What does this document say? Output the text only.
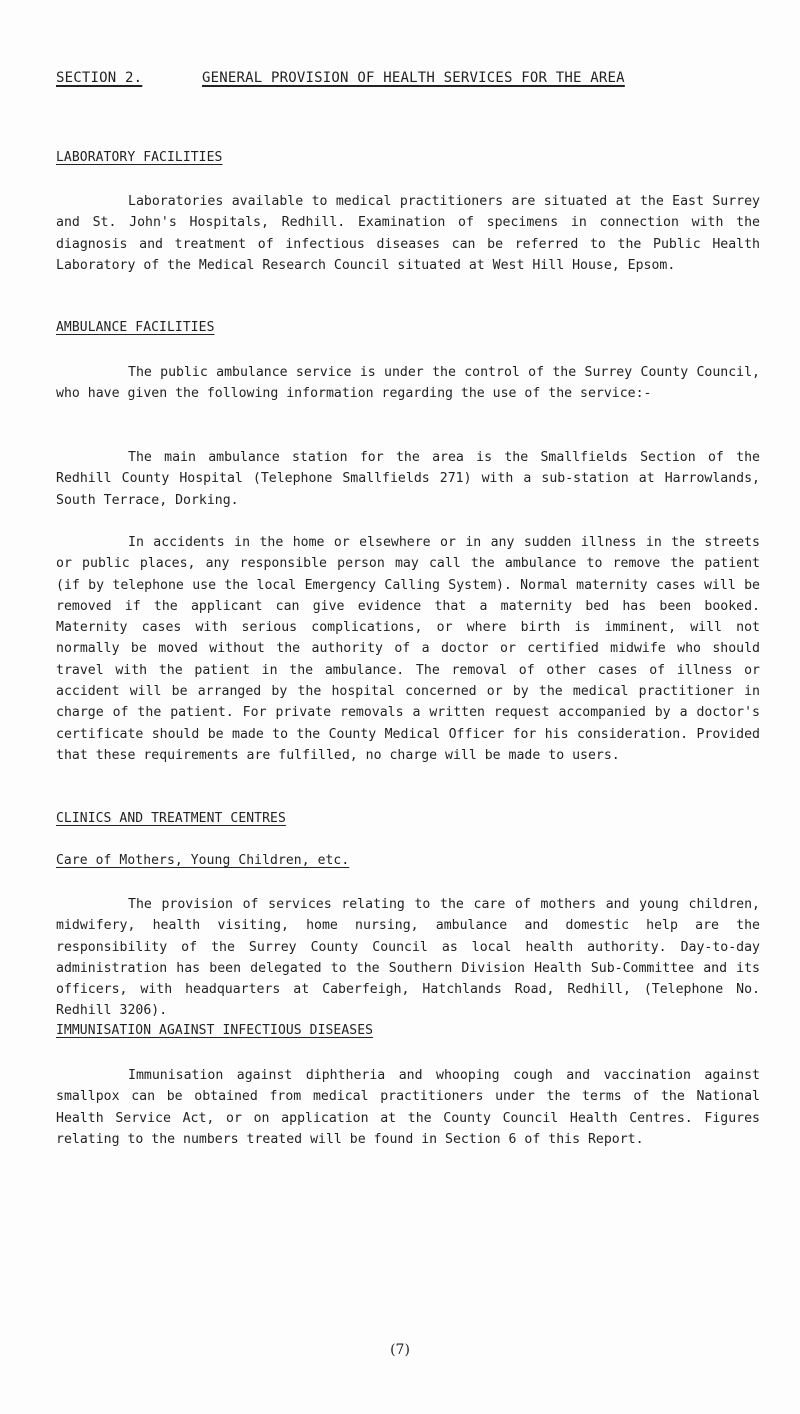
SECTION 2.	GENERAL PROVISION OF HEALTH SERVICES FOR THE AREA
LABORATORY FACILITIES

Laboratories available to medical practitioners are situated at the East Surrey and St. John's Hospitals, Redhill. Examination of specimens in connection with the diagnosis and treatment of infectious diseases can be referred to the Public Health Laboratory of the Medical Research Council situated at West Hill House, Epsom.

AMBULANCE FACILITIES

The public ambulance service is under the control of the Surrey County Council, who have given the following information regarding the use of the service:-

The main ambulance station for the area is the Smallfields Section of the Redhill County Hospital (Telephone Smallfields 271) with a sub-station at Harrowlands, South Terrace, Dorking.

In accidents in the home or elsewhere or in any sudden illness in the streets or public places, any responsible person may call the ambulance to remove the patient (if by telephone use the local Emergency Calling System). Normal maternity cases will be removed if the applicant can give evidence that a maternity bed has been booked. Maternity cases with serious complications, or where birth is imminent, will not normally be moved without the authority of a doctor or certified midwife who should travel with the patient in the ambulance. The removal of other cases of illness or accident will be arranged by the hospital concerned or by the medical practitioner in charge of the patient. For private removals a written request accompanied by a doctor's certificate should be made to the County Medical Officer for his consideration. Provided that these requirements are fulfilled, no charge will be made to users.

CLINICS AND TREATMENT CENTRES
Care of Mothers, Young Children, etc.

The provision of services relating to the care of mothers and young children, midwifery, health visiting, home nursing, ambulance and domestic help are the responsibility of the Surrey County Council as local health authority. Day-to-day administration has been delegated to the Southern Division Health Sub-Committee and its officers, with headquarters at Caberfeigh, Hatchlands Road, Redhill, (Telephone No. Redhill 3206).

IMMUNISATION AGAINST INFECTIOUS DISEASES

Immunisation against diphtheria and whooping cough and vaccination against smallpox can be obtained from medical practitioners under the terms of the National Health Service Act, or on application at the County Council Health Centres. Figures relating to the numbers treated will be found in Section 6 of this Report.

(7)
